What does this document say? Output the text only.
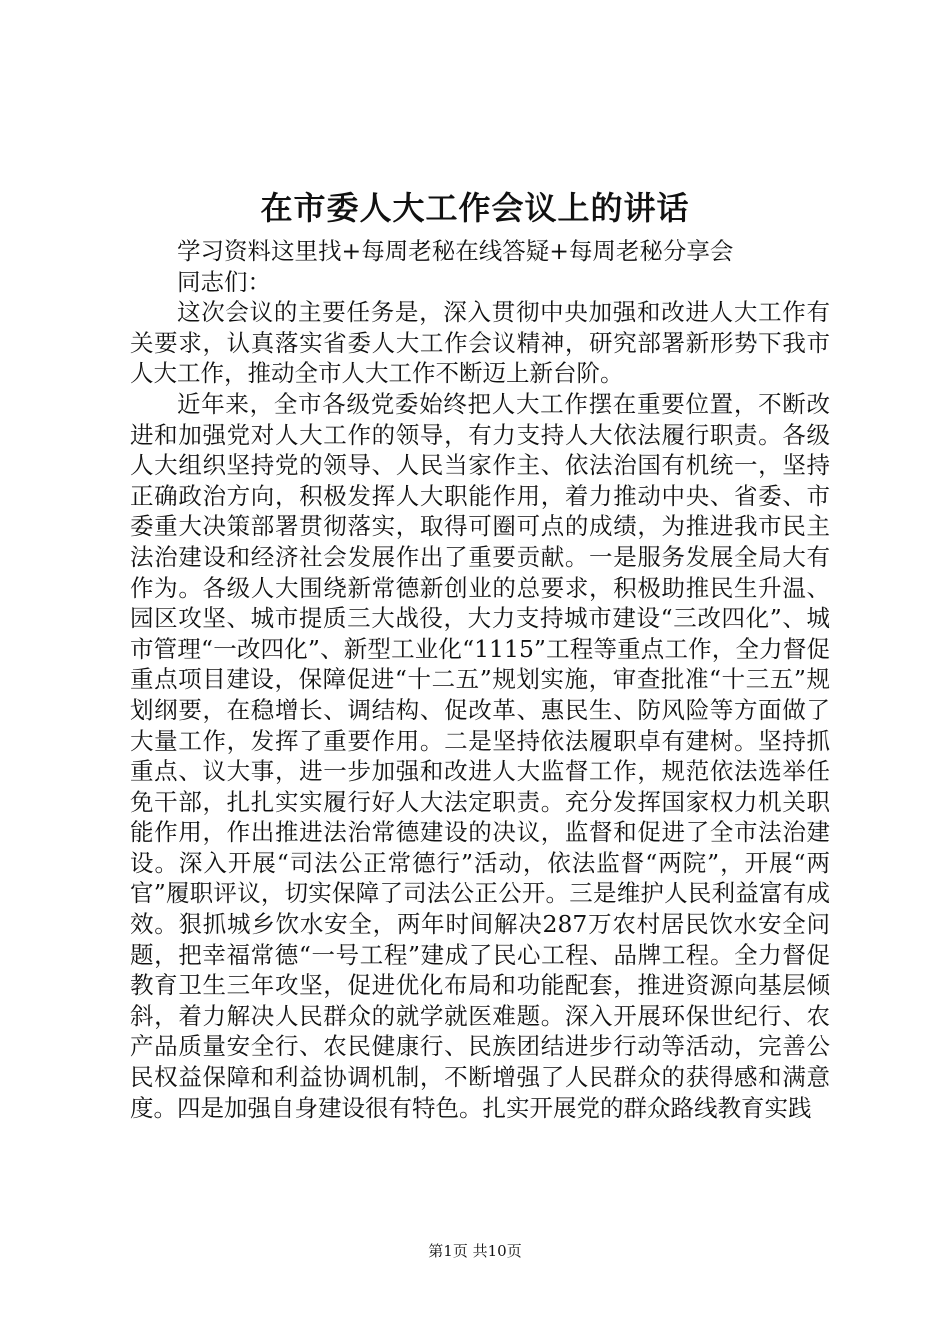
在市委人大工作会议上的讲话

学习资料这里找+每周老秘在线答疑+每周老秘分享会

同志们：

这次会议的主要任务是，深入贯彻中央加强和改进人大工作有关要求，认真落实省委人大工作会议精神，研究部署新形势下我市人大工作，推动全市人大工作不断迈上新台阶。

近年来，全市各级党委始终把人大工作摆在重要位置，不断改进和加强党对人大工作的领导，有力支持人大依法履行职责。各级人大组织坚持党的领导、人民当家作主、依法治国有机统一，坚持正确政治方向，积极发挥人大职能作用，着力推动中央、省委、市委重大决策部署贯彻落实，取得可圈可点的成绩，为推进我市民主法治建设和经济社会发展作出了重要贡献。一是服务发展全局大有作为。各级人大围绕新常德新创业的总要求，积极助推民生升温、园区攻坚、城市提质三大战役，大力支持城市建设“三改四化”、城市管理“一改四化”、新型工业化“1115”工程等重点工作，全力督促重点项目建设，保障促进“十二五”规划实施，审查批准“十三五”规划纲要，在稳增长、调结构、促改革、惠民生、防风险等方面做了大量工作，发挥了重要作用。二是坚持依法履职卓有建树。坚持抓重点、议大事，进一步加强和改进人大监督工作，规范依法选举任免干部，扎扎实实履行好人大法定职责。充分发挥国家权力机关职能作用，作出推进法治常德建设的决议，监督和促进了全市法治建设。深入开展“司法公正常德行”活动，依法监督“两院”，开展“两官”履职评议，切实保障了司法公正公开。三是维护人民利益富有成效。狠抓城乡饮水安全，两年时间解决287万农村居民饮水安全问题，把幸福常德“一号工程”建成了民心工程、品牌工程。全力督促教育卫生三年攻坚，促进优化布局和功能配套，推进资源向基层倾斜，着力解决人民群众的就学就医难题。深入开展环保世纪行、农产品质量安全行、农民健康行、民族团结进步行动等活动，完善公民权益保障和利益协调机制，不断增强了人民群众的获得感和满意度。四是加强自身建设很有特色。扎实开展党的群众路线教育实践

第1页 共10页
